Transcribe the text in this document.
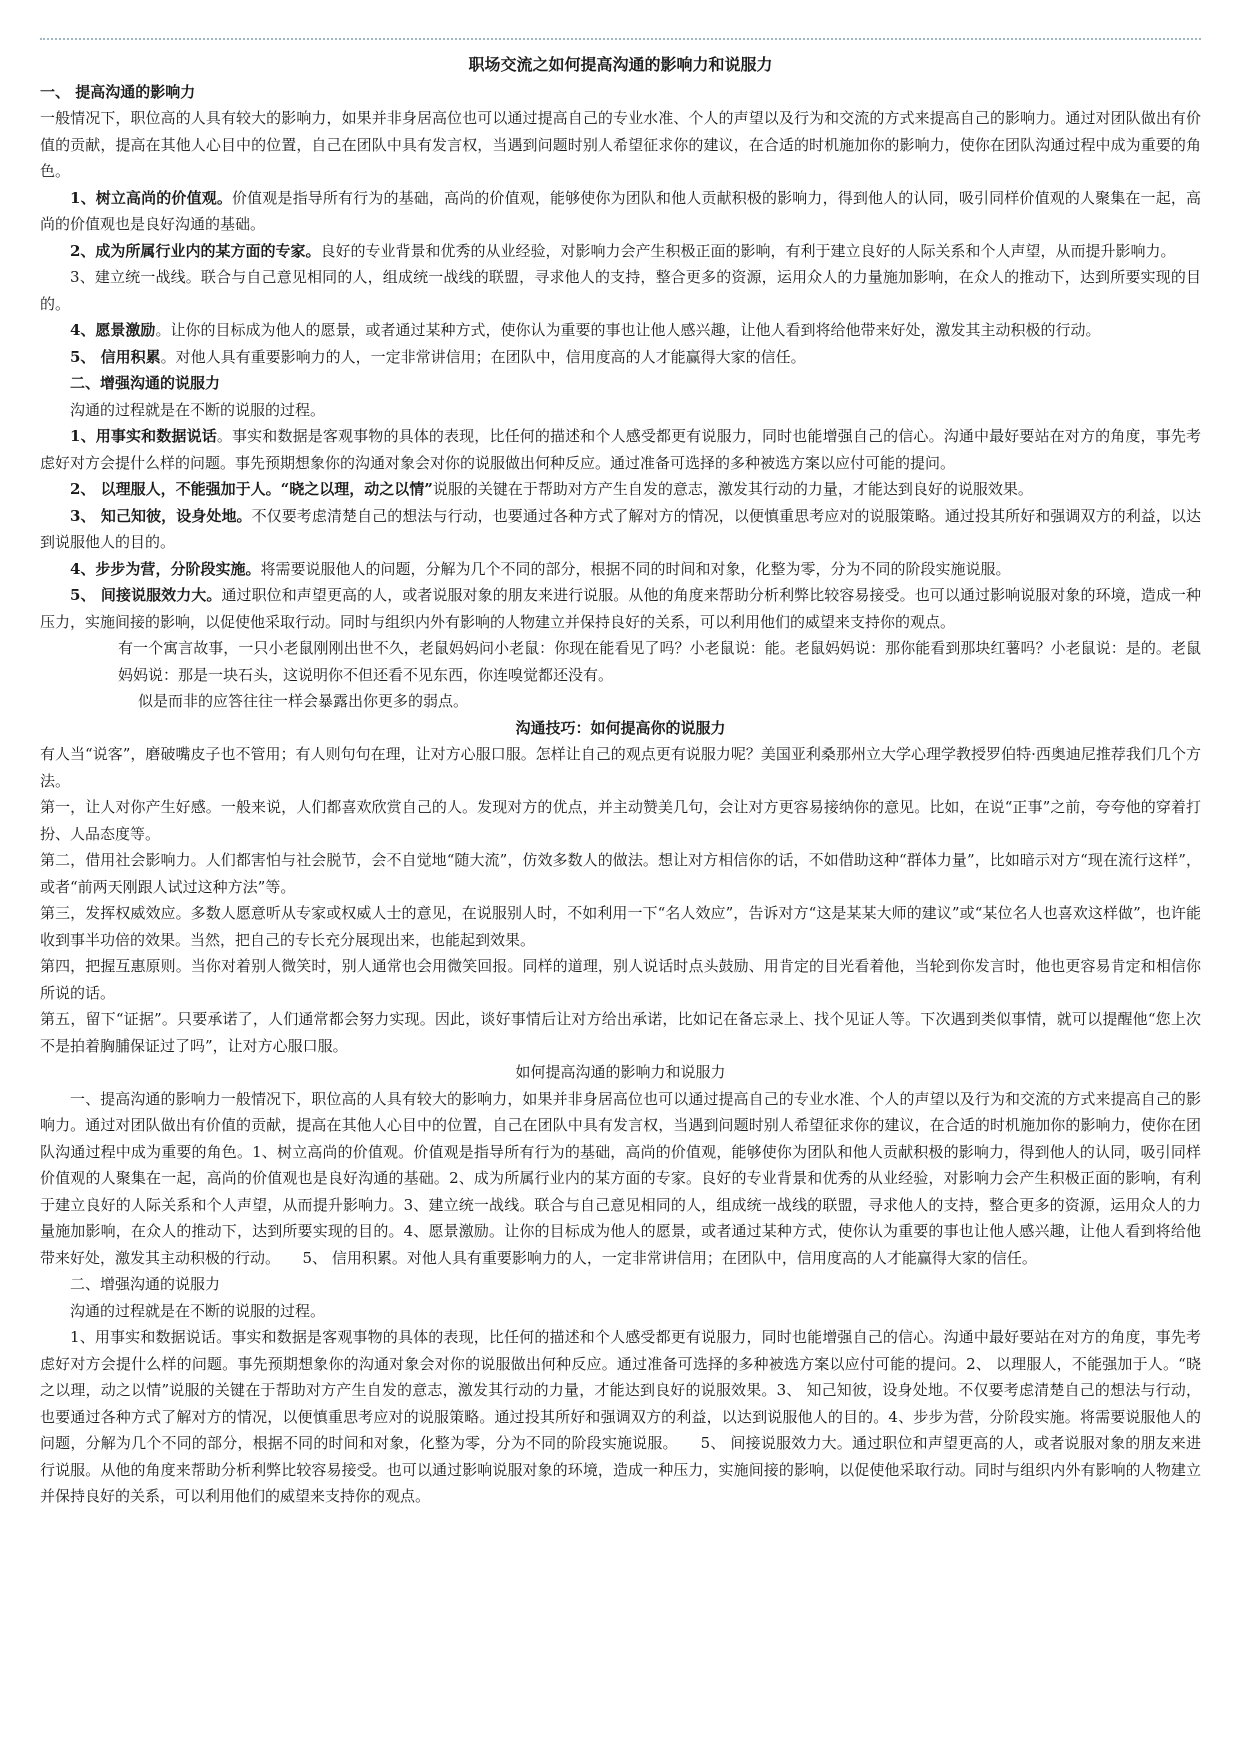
职场交流之如何提高沟通的影响力和说服力

一、 提高沟通的影响力

一般情况下，职位高的人具有较大的影响力，如果并非身居高位也可以通过提高自己的专业水准、个人的声望以及行为和交流的方式来提高自己的影响力。通过对团队做出有价值的贡献，提高在其他人心目中的位置，自己在团队中具有发言权，当遇到问题时别人希望征求你的建议，在合适的时机施加你的影响力，使你在团队沟通过程中成为重要的角色。

1、树立高尚的价值观。价值观是指导所有行为的基础，高尚的价值观，能够使你为团队和他人贡献积极的影响力，得到他人的认同，吸引同样价值观的人聚集在一起，高尚的价值观也是良好沟通的基础。

2、成为所属行业内的某方面的专家。良好的专业背景和优秀的从业经验，对影响力会产生积极正面的影响，有利于建立良好的人际关系和个人声望，从而提升影响力。

3、建立统一战线。联合与自己意见相同的人，组成统一战线的联盟，寻求他人的支持，整合更多的资源，运用众人的力量施加影响，在众人的推动下，达到所要实现的目的。

4、愿景激励。让你的目标成为他人的愿景，或者通过某种方式，使你认为重要的事也让他人感兴趣，让他人看到将给他带来好处，激发其主动积极的行动。

5、 信用积累。对他人具有重要影响力的人，一定非常讲信用；在团队中，信用度高的人才能赢得大家的信任。

二、增强沟通的说服力

沟通的过程就是在不断的说服的过程。

1、用事实和数据说话。事实和数据是客观事物的具体的表现，比任何的描述和个人感受都更有说服力，同时也能增强自己的信心。沟通中最好要站在对方的角度，事先考虑好对方会提什么样的问题。事先预期想象你的沟通对象会对你的说服做出何种反应。通过准备可选择的多种被选方案以应付可能的提问。

2、 以理服人，不能强加于人。“晓之以理，动之以情”说服的关键在于帮助对方产生自发的意志，激发其行动的力量，才能达到良好的说服效果。

3、 知己知彼，设身处地。不仅要考虑清楚自己的想法与行动，也要通过各种方式了解对方的情况，以便慎重思考应对的说服策略。通过投其所好和强调双方的利益，以达到说服他人的目的。

4、步步为营，分阶段实施。将需要说服他人的问题，分解为几个不同的部分，根据不同的时间和对象，化整为零，分为不同的阶段实施说服。

5、 间接说服效力大。通过职位和声望更高的人，或者说服对象的朋友来进行说服。从他的角度来帮助分析利弊比较容易接受。也可以通过影响说服对象的环境，造成一种压力，实施间接的影响，以促使他采取行动。同时与组织内外有影响的人物建立并保持良好的关系，可以利用他们的威望来支持你的观点。

有一个寓言故事，一只小老鼠刚刚出世不久，老鼠妈妈问小老鼠：你现在能看见了吗？小老鼠说：能。老鼠妈妈说：那你能看到那块红薯吗？小老鼠说：是的。老鼠妈妈说：那是一块石头，这说明你不但还看不见东西，你连嗅觉都还没有。

似是而非的应答往往一样会暴露出你更多的弱点。

沟通技巧：如何提高你的说服力

有人当“说客”，磨破嘴皮子也不管用；有人则句句在理，让对方心服口服。怎样让自己的观点更有说服力呢？美国亚利桑那州立大学心理学教授罗伯特·西奥迪尼推荐我们几个方法。

第一，让人对你产生好感。一般来说，人们都喜欢欣赏自己的人。发现对方的优点，并主动赞美几句，会让对方更容易接纳你的意见。比如，在说“正事”之前，夸夸他的穿着打扮、人品态度等。

第二，借用社会影响力。人们都害怕与社会脱节，会不自觉地“随大流”，仿效多数人的做法。想让对方相信你的话，不如借助这种“群体力量”，比如暗示对方“现在流行这样”，或者“前两天刚跟人试过这种方法”等。

第三，发挥权威效应。多数人愿意听从专家或权威人士的意见，在说服别人时，不如利用一下“名人效应”，告诉对方“这是某某大师的建议”或“某位名人也喜欢这样做”，也许能收到事半功倍的效果。当然，把自己的专长充分展现出来，也能起到效果。

第四，把握互惠原则。当你对着别人微笑时，别人通常也会用微笑回报。同样的道理，别人说话时点头鼓励、用肯定的目光看着他，当轮到你发言时，他也更容易肯定和相信你所说的话。

第五，留下“证据”。只要承诺了，人们通常都会努力实现。因此，谈好事情后让对方给出承诺，比如记在备忘录上、找个见证人等。下次遇到类似事情，就可以提醒他“您上次不是拍着胸脯保证过了吗”，让对方心服口服。

如何提高沟通的影响力和说服力

一、提高沟通的影响力一般情况下，职位高的人具有较大的影响力，如果并非身居高位也可以通过提高自己的专业水准、个人的声望以及行为和交流的方式来提高自己的影响力。通过对团队做出有价值的贡献，提高在其他人心目中的位置，自己在团队中具有发言权，当遇到问题时别人希望征求你的建议，在合适的时机施加你的影响力，使你在团队沟通过程中成为重要的角色。1、树立高尚的价值观。价值观是指导所有行为的基础，高尚的价值观，能够使你为团队和他人贡献积极的影响力，得到他人的认同，吸引同样价值观的人聚集在一起，高尚的价值观也是良好沟通的基础。2、成为所属行业内的某方面的专家。良好的专业背景和优秀的从业经验，对影响力会产生积极正面的影响，有利于建立良好的人际关系和个人声望，从而提升影响力。3、建立统一战线。联合与自己意见相同的人，组成统一战线的联盟，寻求他人的支持，整合更多的资源，运用众人的力量施加影响，在众人的推动下，达到所要实现的目的。4、愿景激励。让你的目标成为他人的愿景，或者通过某种方式，使你认为重要的事也让他人感兴趣，让他人看到将给他带来好处，激发其主动积极的行动。　　5、 信用积累。对他人具有重要影响力的人，一定非常讲信用；在团队中，信用度高的人才能赢得大家的信任。

二、增强沟通的说服力

沟通的过程就是在不断的说服的过程。

1、用事实和数据说话。事实和数据是客观事物的具体的表现，比任何的描述和个人感受都更有说服力，同时也能增强自己的信心。沟通中最好要站在对方的角度，事先考虑好对方会提什么样的问题。事先预期想象你的沟通对象会对你的说服做出何种反应。通过准备可选择的多种被选方案以应付可能的提问。2、 以理服人，不能强加于人。“晓之以理，动之以情”说服的关键在于帮助对方产生自发的意志，激发其行动的力量，才能达到良好的说服效果。3、 知己知彼，设身处地。不仅要考虑清楚自己的想法与行动，也要通过各种方式了解对方的情况，以便慎重思考应对的说服策略。通过投其所好和强调双方的利益，以达到说服他人的目的。4、步步为营，分阶段实施。将需要说服他人的问题，分解为几个不同的部分，根据不同的时间和对象，化整为零，分为不同的阶段实施说服。　　5、 间接说服效力大。通过职位和声望更高的人，或者说服对象的朋友来进行说服。从他的角度来帮助分析利弊比较容易接受。也可以通过影响说服对象的环境，造成一种压力，实施间接的影响，以促使他采取行动。同时与组织内外有影响的人物建立并保持良好的关系，可以利用他们的威望来支持你的观点。
